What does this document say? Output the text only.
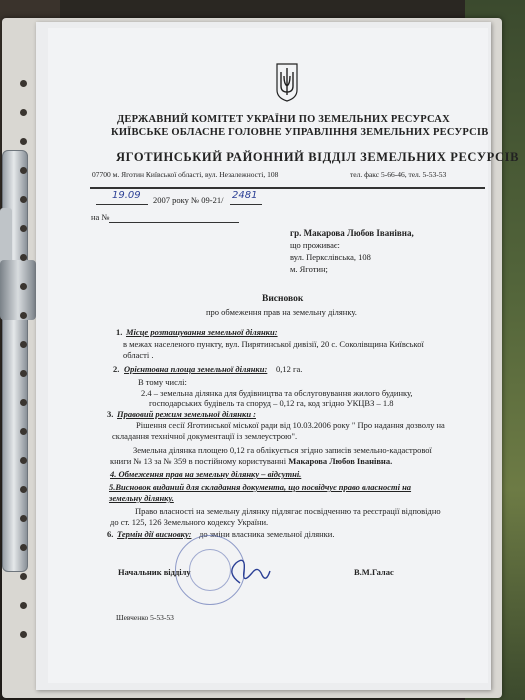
ДЕРЖАВНИЙ КОМІТЕТ УКРАЇНИ ПО ЗЕМЕЛЬНИХ РЕСУРСАХ
КИЇВСЬКЕ ОБЛАСНЕ ГОЛОВНЕ УПРАВЛІННЯ ЗЕМЕЛЬНИХ РЕСУРСІВ
ЯГОТИНСЬКИЙ РАЙОННИЙ ВІДДІЛ ЗЕМЕЛЬНИХ РЕСУРСІВ
07700 м. Яготин Київської області, вул. Незалежності, 108	тел. факс 5-66-46, тел. 5-53-53
19.09 2007 року № 09-21/ 2481
на №
гр. Макарова Любов Іванівна,
що проживає:
вул. Перкслівська, 108
м. Яготин;
Висновок
про обмеження прав на земельну ділянку.
1. Місце розташування земельної ділянки:
в межах населеного пункту, вул. Пирятинської дивізії, 20 с. Соколівщина Київської
області .
2. Орієнтовна площа земельної ділянки: 0,12 га.
В тому числі:
2.4 – земельна ділянка для будівництва та обслуговування жилого будинку,
господарських будівель та споруд – 0,12 га, код згідно УКЦВЗ – 1.8
3. Правовий режим земельної ділянки :
Рішення сесії Яготинської міської ради від 10.03.2006 року " Про надання дозволу на
складання технічної документації із землеустрою".
Земельна ділянка площею 0,12 га облікується згідно записів земельно-кадастрової
книги № 13 за № 359 в постійному користуванні Макарова Любов Іванівна.
4. Обмеження прав на земельну ділянку – відсутні.
5.Висновок виданий для складання документа, що посвідчує право власності на
земельну ділянку.
Право власності на земельну ділянку підлягає посвідченню та реєстрації відповідно
до ст. 125, 126 Земельного кодексу України.
6. Термін дії висновку: до зміни власника земельної ділянки.
Начальник відділу	Гал	В.М.Галас
Шевченко 5-53-53
